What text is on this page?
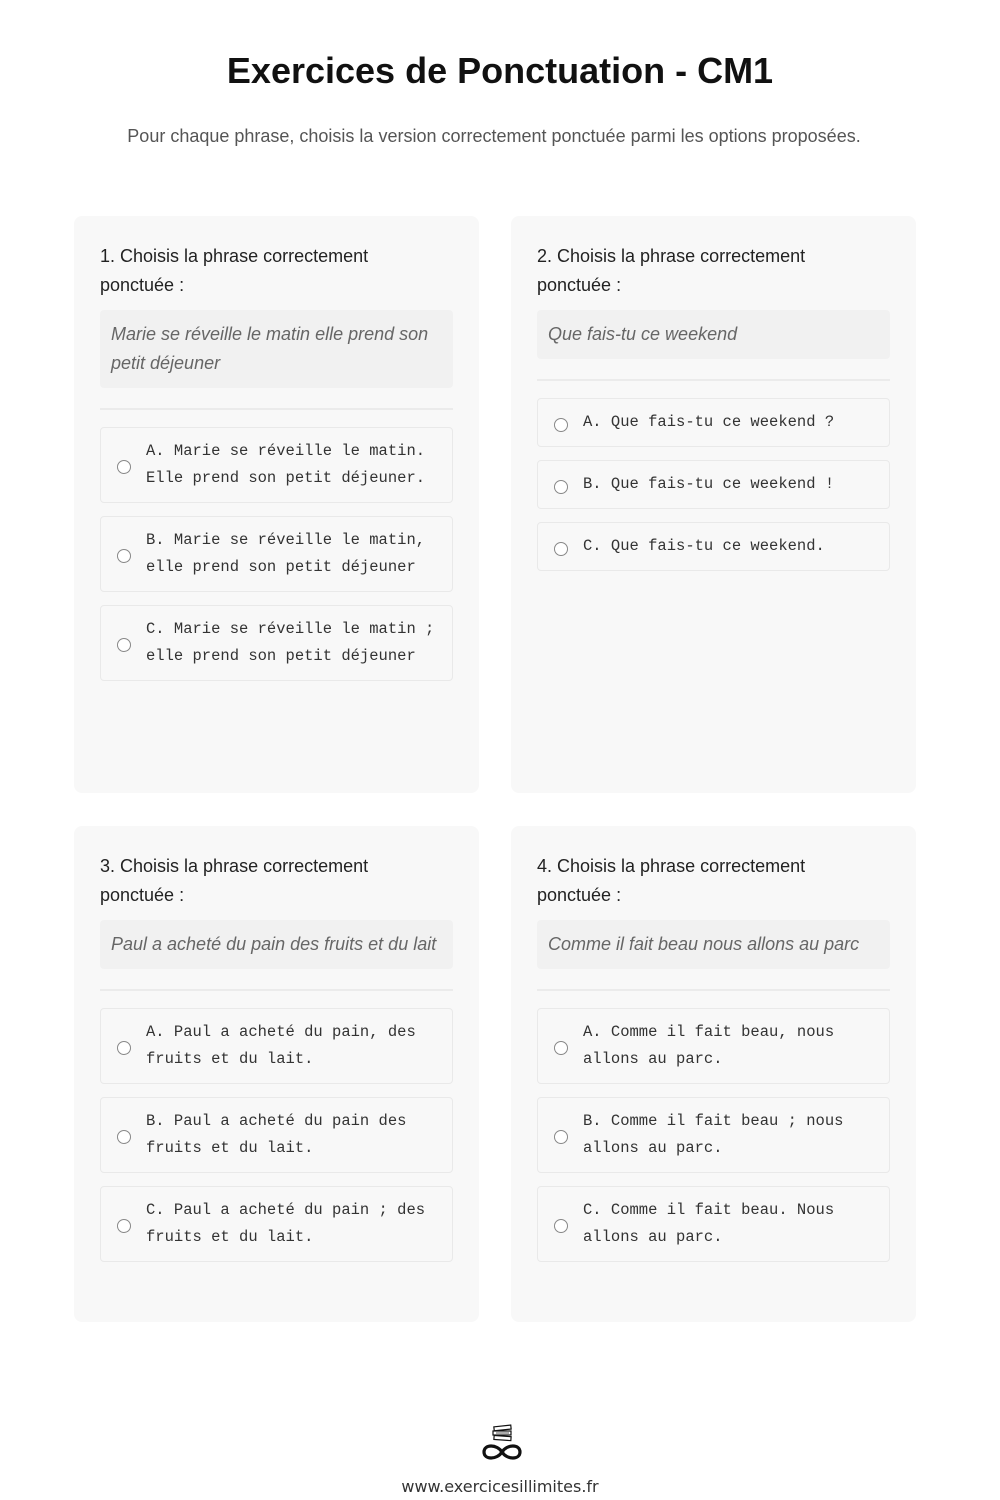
Exercices de Ponctuation - CM1

Pour chaque phrase, choisis la version correctement ponctuée parmi les options proposées.

1. Choisis la phrase correctement ponctuée :
Marie se réveille le matin elle prend son petit déjeuner
A. Marie se réveille le matin. Elle prend son petit déjeuner.
B. Marie se réveille le matin, elle prend son petit déjeuner
C. Marie se réveille le matin ; elle prend son petit déjeuner
2. Choisis la phrase correctement ponctuée :
Que fais-tu ce weekend
A. Que fais-tu ce weekend ?
B. Que fais-tu ce weekend !
C. Que fais-tu ce weekend.
3. Choisis la phrase correctement ponctuée :
Paul a acheté du pain des fruits et du lait
A. Paul a acheté du pain, des fruits et du lait.
B. Paul a acheté du pain des fruits et du lait.
C. Paul a acheté du pain ; des fruits et du lait.
4. Choisis la phrase correctement ponctuée :
Comme il fait beau nous allons au parc
A. Comme il fait beau, nous allons au parc.
B. Comme il fait beau ; nous allons au parc.
C. Comme il fait beau. Nous allons au parc.
www.exercicesillimites.fr
